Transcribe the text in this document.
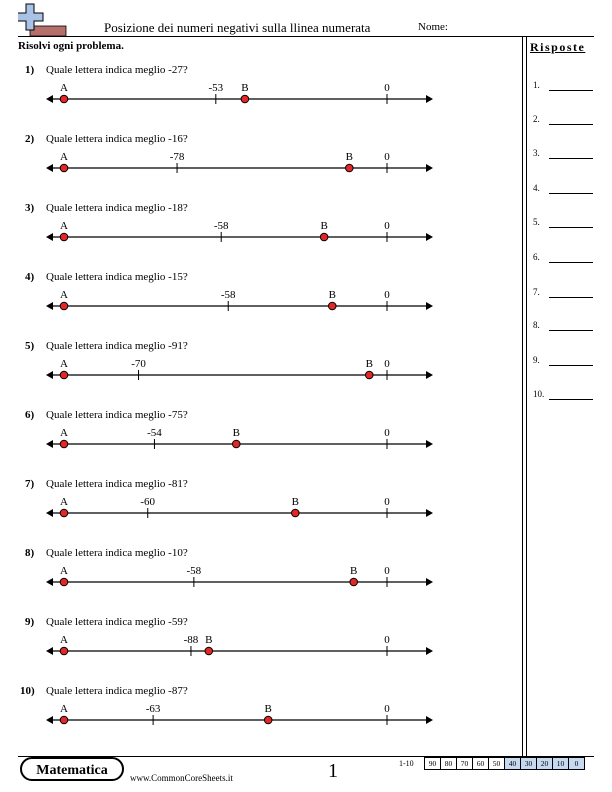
Posizione dei numeri negativi sulla llinea numerata	Nome:
Risolvi ogni problema.	Risposte
1.
2.
3.
4.
5.
6.
7.
8.
9.
10.
1) Quale lettera indica meglio -27?
-53	0
A	B
2) Quale lettera indica meglio -16?
-78	0
A	B
3) Quale lettera indica meglio -18?
-58	0
A	B
4) Quale lettera indica meglio -15?
-58	0
A	B
5) Quale lettera indica meglio -91?
-70	0
A	B
6) Quale lettera indica meglio -75?
-54	0
A	B
7) Quale lettera indica meglio -81?
-60	0
A	B
8) Quale lettera indica meglio -10?
-58	0
A	B
9) Quale lettera indica meglio -59?
-88	0
A	B
10) Quale lettera indica meglio -87?
-63	0
A	B
Matematica	www.CommonCoreSheets.it	1	1-10 90	80	70	60	50	40	30	20	10	0
